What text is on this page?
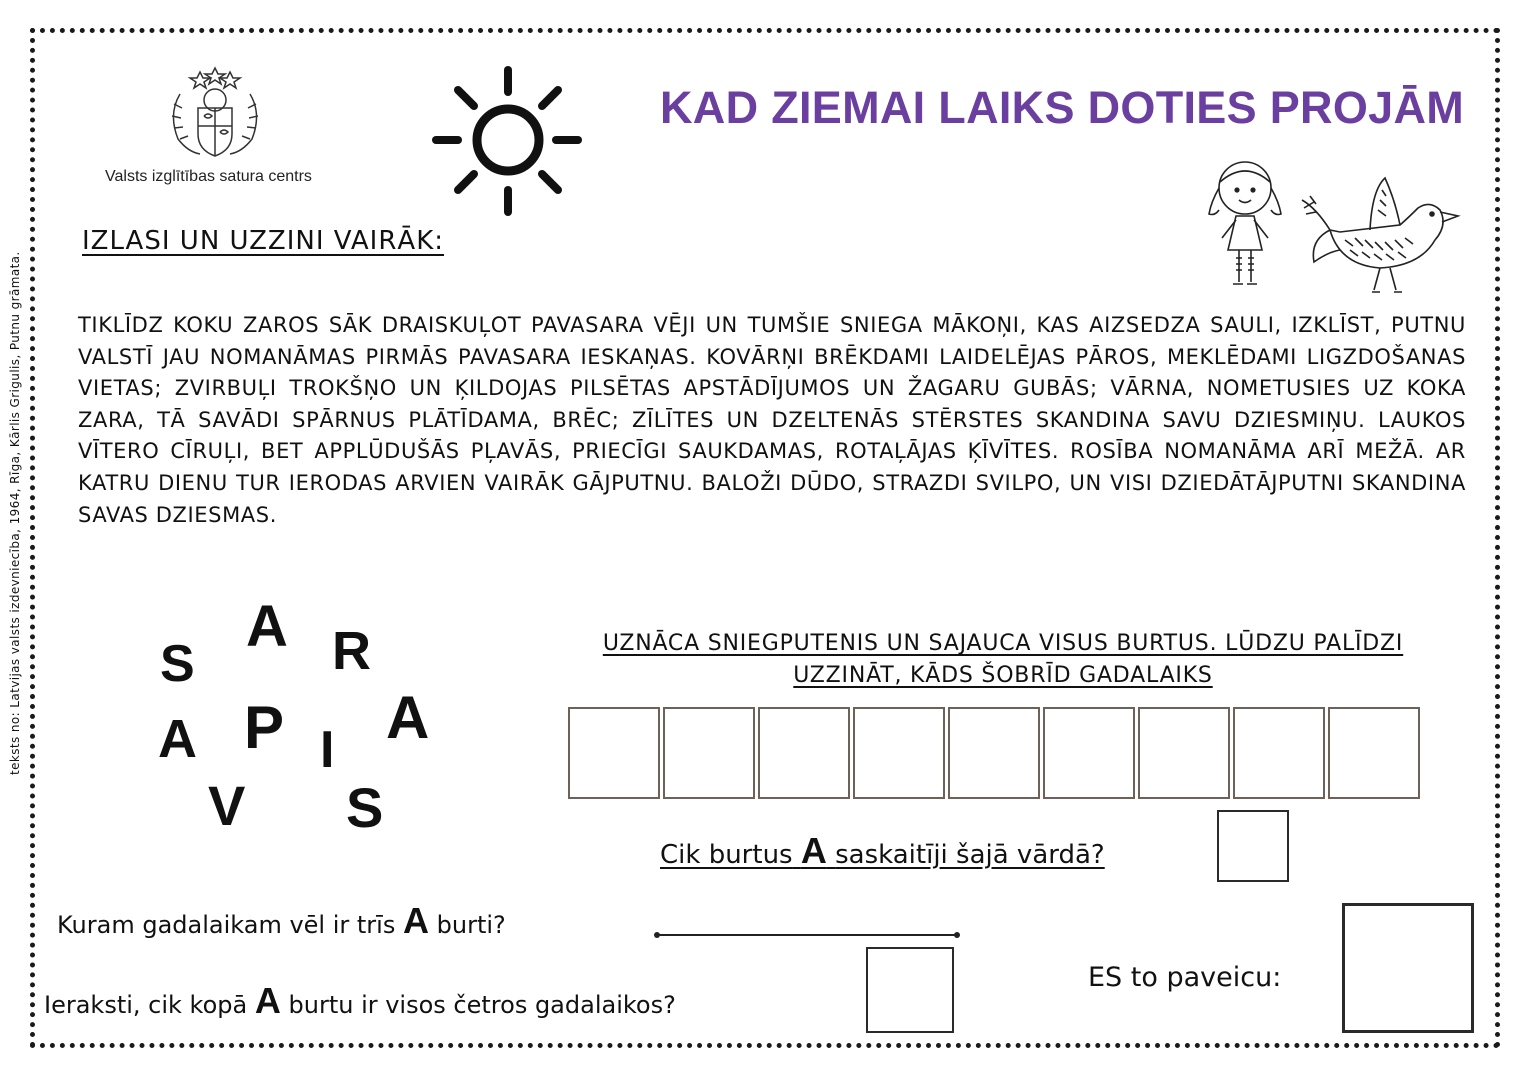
teksts no: Latvijas valsts izdevniecība, 1964, Rīga, Kārlis Grigulis, Putnu grāmata.
Valsts izglītības satura centrs
KAD ZIEMAI LAIKS DOTIES PROJĀM
IZLASI UN UZZINI VAIRĀK:
TIKLĪDZ KOKU ZAROS SĀK DRAISKUĻOT PAVASARA VĒJI UN TUMŠIE SNIEGA MĀKOŅI, KAS AIZSEDZA SAULI, IZKLĪST, PUTNU VALSTĪ JAU NOMANĀMAS PIRMĀS PAVASARA IESKAŅAS. KOVĀRŅI BRĒKDAMI LAIDELĒJAS PĀROS, MEKLĒDAMI LIGZDOŠANAS VIETAS; ZVIRBUĻI TROKŠŅO UN ĶILDOJAS PILSĒTAS APSTĀDĪJUMOS UN ŽAGARU GUBĀS; VĀRNA, NOMETUSIES UZ KOKA ZARA, TĀ SAVĀDI SPĀRNUS PLĀTĪDAMA, BRĒC; ZĪLĪTES UN DZELTENĀS STĒRSTES SKANDINA SAVU DZIESMIŅU. LAUKOS VĪTERO CĪRUĻI, BET APPLŪDUŠĀS PĻAVĀS, PRIECĪGI SAUKDAMAS, ROTAĻĀJAS ĶĪVĪTES. ROSĪBA NOMANĀMA ARĪ MEŽĀ. AR KATRU DIENU TUR IERODAS ARVIEN VAIRĀK GĀJPUTNU. BALOŽI DŪDO, STRAZDI SVILPO, UN VISI DZIEDĀTĀJPUTNI SKANDINA SAVAS DZIESMAS.
S
A R
A P I A
V S
UZNĀCA SNIEGPUTENIS UN SAJAUCA VISUS BURTUS. LŪDZU PALĪDZI UZZINĀT, KĀDS ŠOBRĪD GADALAIKS
Cik burtus A saskaitīji šajā vārdā?
Kuram gadalaikam vēl ir trīs A burti?
Ieraksti, cik kopā A burtu ir visos četros gadalaikos?
ES to paveicu:
